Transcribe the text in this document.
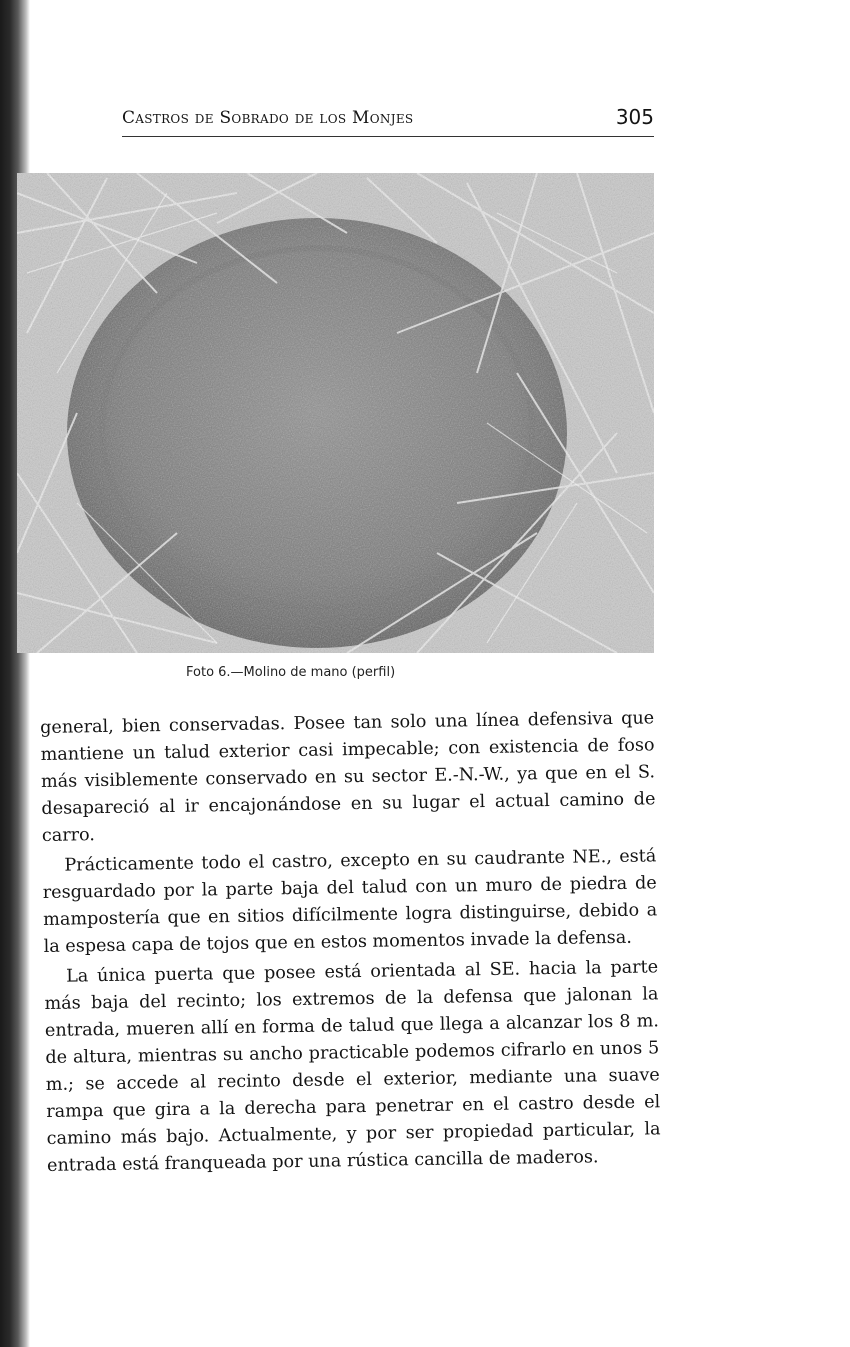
Castros de Sobrado de los Monjes	305
Foto 6.—Molino de mano (perfil)

general, bien conservadas. Posee tan solo una línea defensiva que mantiene un talud exterior casi impecable; con existencia de foso más visiblemente conservado en su sector E.-N.-W., ya que en el S. desapareció al ir encajonándose en su lugar el actual camino de carro.

Prácticamente todo el castro, excepto en su caudrante NE., está resguardado por la parte baja del talud con un muro de piedra de mampostería que en sitios difícilmente logra distinguirse, debido a la espesa capa de tojos que en estos momentos invade la defensa.

La única puerta que posee está orientada al SE. hacia la parte más baja del recinto; los extremos de la defensa que jalonan la entrada, mueren allí en forma de talud que llega a alcanzar los 8 m. de altura, mientras su ancho practicable podemos cifrarlo en unos 5 m.; se accede al recinto desde el exterior, mediante una suave rampa que gira a la derecha para penetrar en el castro desde el camino más bajo. Actualmente, y por ser propiedad particular, la entrada está franqueada por una rústica cancilla de maderos.
